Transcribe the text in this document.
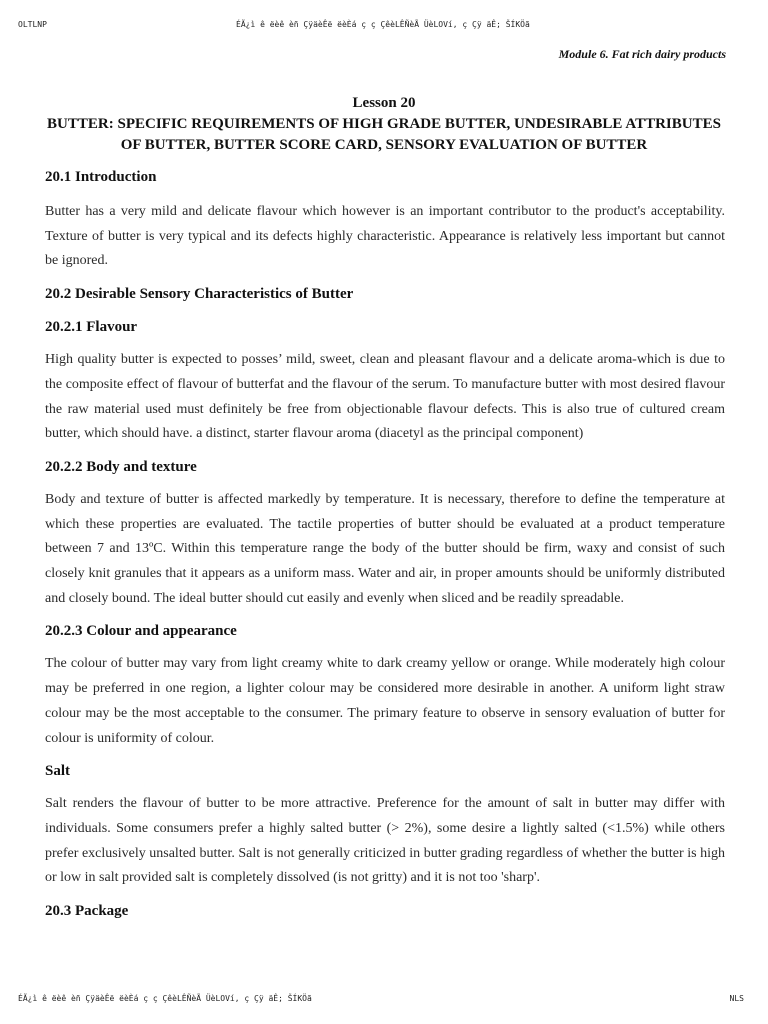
OLTLNP	ÉÃ¿ì ê ëèê èñ ÇÿäèÊë ëèÈá ç ç ÇêèLÊÑèÃ ÜèLOVí, ç Çÿ äÊ; ŠÍKÖã
Module 6. Fat rich dairy products
Lesson 20
BUTTER: SPECIFIC REQUIREMENTS OF HIGH GRADE BUTTER, UNDESIRABLE ATTRIBUTES OF BUTTER, BUTTER SCORE CARD, SENSORY EVALUATION OF BUTTER
20.1 Introduction
Butter has a very mild and delicate flavour which however is an important contributor to the product's acceptability. Texture of butter is very typical and its defects highly characteristic. Appearance is relatively less important but cannot be ignored.
20.2 Desirable Sensory Characteristics of Butter
20.2.1 Flavour
High quality butter is expected to posses’ mild, sweet, clean and pleasant flavour and a delicate aroma-which is due to the composite effect of flavour of butterfat and the flavour of the serum. To manufacture butter with most desired flavour the raw material used must definitely be free from objectionable flavour defects. This is also true of cultured cream butter, which should have. a distinct, starter flavour aroma (diacetyl as the principal component)
20.2.2 Body and texture
Body and texture of butter is affected markedly by temperature. It is necessary, therefore to define the temperature at which these properties are evaluated. The tactile properties of butter should be evaluated at a product temperature between 7 and 13ºC. Within this temperature range the body of the butter should be firm, waxy and consist of such closely knit granules that it appears as a uniform mass. Water and air, in proper amounts should be uniformly distributed and closely bound. The ideal butter should cut easily and evenly when sliced and be readily spreadable.
20.2.3 Colour and appearance
The colour of butter may vary from light creamy white to dark creamy yellow or orange. While moderately high colour may be preferred in one region, a lighter colour may be considered more desirable in another. A uniform light straw colour may be the most acceptable to the consumer. The primary feature to observe in sensory evaluation of butter for colour is uniformity of colour.
Salt
Salt renders the flavour of butter to be more attractive. Preference for the amount of salt in butter may differ with individuals. Some consumers prefer a highly salted butter (> 2%), some desire a lightly salted (<1.5%) while others prefer exclusively unsalted butter. Salt is not generally criticized in butter grading regardless of whether the butter is high or low in salt provided salt is completely dissolved (is not gritty) and it is not too 'sharp'.
20.3 Package
ÉÃ¿ì ê ëèê èñ ÇÿäèÊë ëèÈá ç ç ÇêèLÊÑèÃ ÜèLOVí, ç Çÿ äÊ; ŠÍKÖã	NLS
